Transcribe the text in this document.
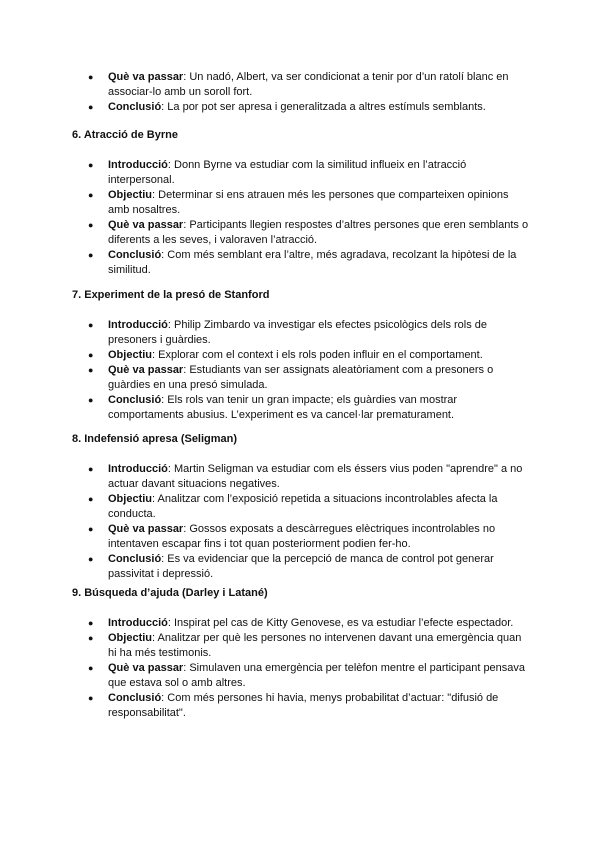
● Què va passar: Un nadó, Albert, va ser condicionat a tenir por d’un ratolí blanc en associar-lo amb un soroll fort.
● Conclusió: La por pot ser apresa i generalitzada a altres estímuls semblants.
6. Atracció de Byrne
● Introducció: Donn Byrne va estudiar com la similitud influeix en l’atracció interpersonal.
● Objectiu: Determinar si ens atrauen més les persones que comparteixen opinions amb nosaltres.
● Què va passar: Participants llegien respostes d’altres persones que eren semblants o diferents a les seves, i valoraven l’atracció.
● Conclusió: Com més semblant era l’altre, més agradava, recolzant la hipòtesi de la similitud.
7. Experiment de la presó de Stanford
● Introducció: Philip Zimbardo va investigar els efectes psicològics dels rols de presoners i guàrdies.
● Objectiu: Explorar com el context i els rols poden influir en el comportament.
● Què va passar: Estudiants van ser assignats aleatòriament com a presoners o guàrdies en una presó simulada.
● Conclusió: Els rols van tenir un gran impacte; els guàrdies van mostrar comportaments abusius. L’experiment es va cancel·lar prematurament.
8. Indefensió apresa (Seligman)
● Introducció: Martin Seligman va estudiar com els éssers vius poden "aprendre" a no actuar davant situacions negatives.
● Objectiu: Analitzar com l’exposició repetida a situacions incontrolables afecta la conducta.
● Què va passar: Gossos exposats a descàrregues elèctriques incontrolables no intentaven escapar fins i tot quan posteriorment podien fer-ho.
● Conclusió: Es va evidenciar que la percepció de manca de control pot generar passivitat i depressió.
9. Búsqueda d’ajuda (Darley i Latané)
● Introducció: Inspirat pel cas de Kitty Genovese, es va estudiar l’efecte espectador.
● Objectiu: Analitzar per què les persones no intervenen davant una emergència quan hi ha més testimonis.
● Què va passar: Simulaven una emergència per telèfon mentre el participant pensava que estava sol o amb altres.
● Conclusió: Com més persones hi havia, menys probabilitat d’actuar: "difusió de responsabilitat".
